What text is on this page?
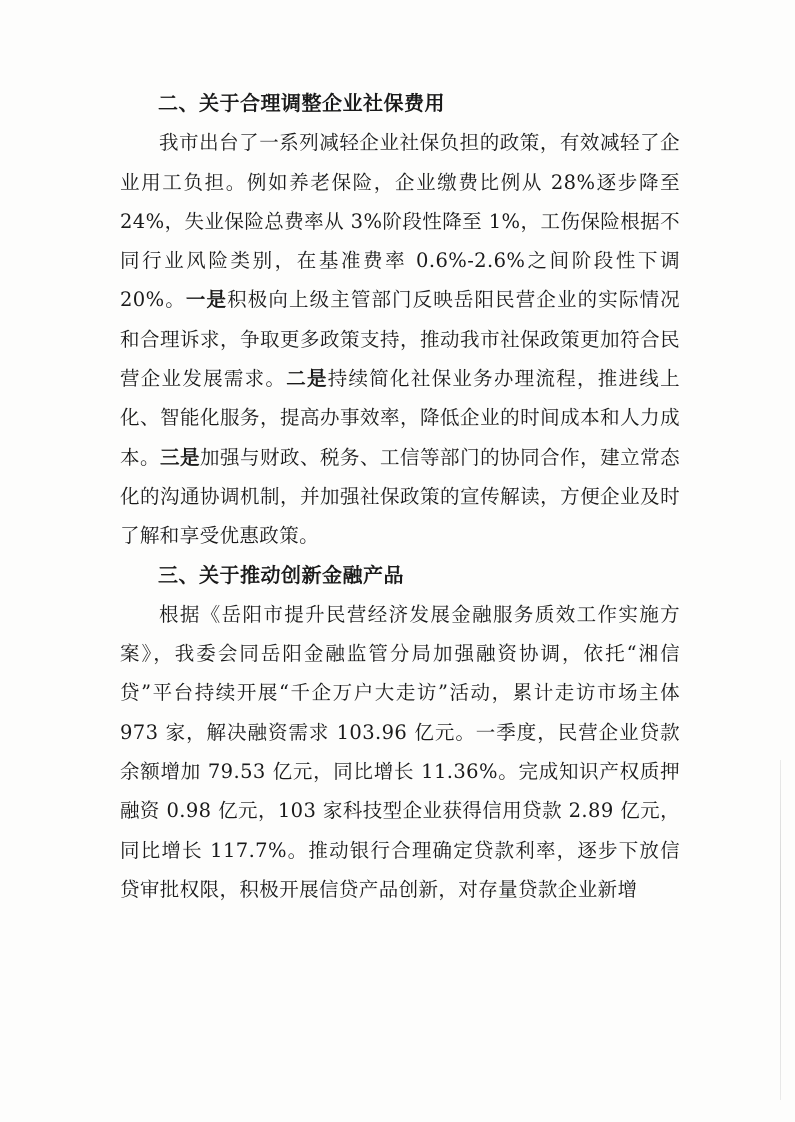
二、关于合理调整企业社保费用

我市出台了一系列减轻企业社保负担的政策，有效减轻了企业用工负担。例如养老保险，企业缴费比例从 28%逐步降至 24%，失业保险总费率从 3%阶段性降至 1%，工伤保险根据不同行业风险类别，在基准费率 0.6%-2.6%之间阶段性下调 20%。一是积极向上级主管部门反映岳阳民营企业的实际情况和合理诉求，争取更多政策支持，推动我市社保政策更加符合民营企业发展需求。二是持续简化社保业务办理流程，推进线上化、智能化服务，提高办事效率，降低企业的时间成本和人力成本。三是加强与财政、税务、工信等部门的协同合作，建立常态化的沟通协调机制，并加强社保政策的宣传解读，方便企业及时了解和享受优惠政策。

三、关于推动创新金融产品

根据《岳阳市提升民营经济发展金融服务质效工作实施方案》，我委会同岳阳金融监管分局加强融资协调，依托“湘信贷”平台持续开展“千企万户大走访”活动，累计走访市场主体 973 家，解决融资需求 103.96 亿元。一季度，民营企业贷款余额增加 79.53 亿元，同比增长 11.36%。完成知识产权质押融资 0.98 亿元，103 家科技型企业获得信用贷款 2.89 亿元，同比增长 117.7%。推动银行合理确定贷款利率，逐步下放信贷审批权限，积极开展信贷产品创新，对存量贷款企业新增
